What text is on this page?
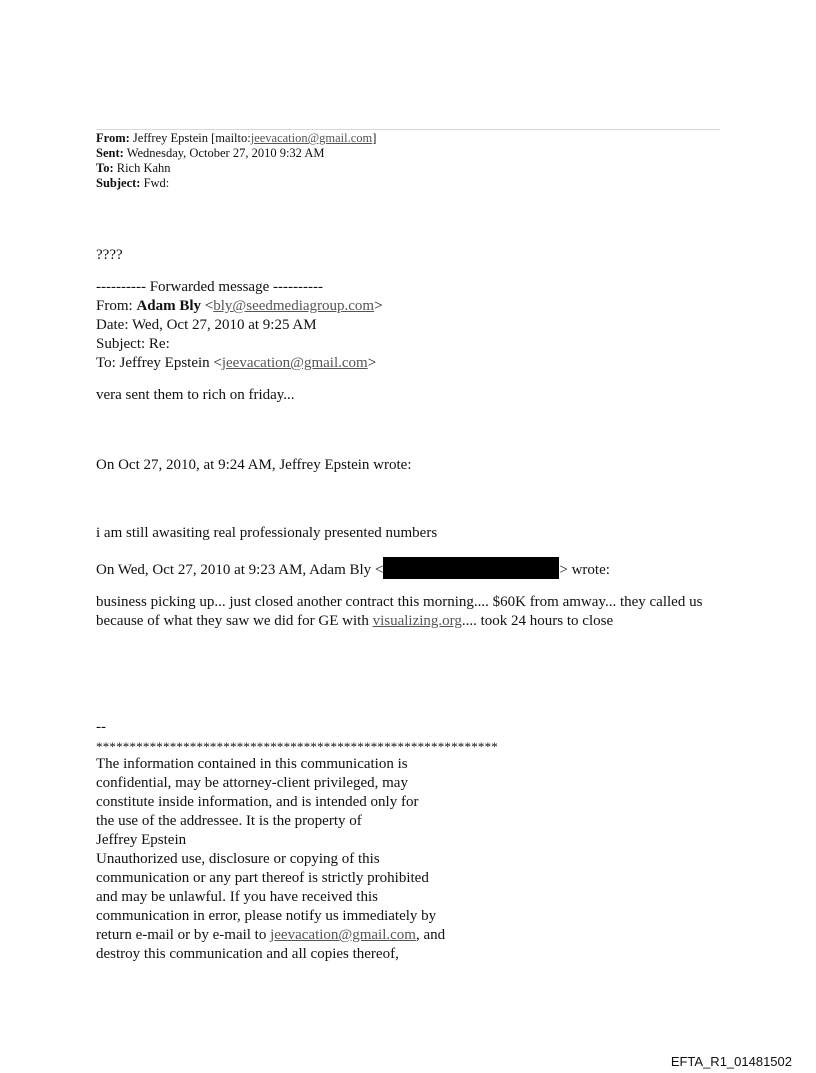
From: Jeffrey Epstein [mailto:jeevacation@gmail.com]
Sent: Wednesday, October 27, 2010 9:32 AM
To: Rich Kahn
Subject: Fwd:

????

---------- Forwarded message ----------

From: Adam Bly <bly@seedmediagroup.com>

Date: Wed, Oct 27, 2010 at 9:25 AM

Subject: Re:

To: Jeffrey Epstein <jeevacation@gmail.com>

vera sent them to rich on friday...

On Oct 27, 2010, at 9:24 AM, Jeffrey Epstein wrote:

i am still awasiting real professionaly presented numbers

On Wed, Oct 27, 2010 at 9:23 AM, Adam Bly <	> wrote:

business picking up... just closed another contract this morning.... $60K from amway... they called us because of what they saw we did for GE with visualizing.org.... took 24 hours to close

--

************************************************************

The information contained in this communication is

confidential, may be attorney-client privileged, may

constitute inside information, and is intended only for

the use of the addressee. It is the property of

Jeffrey Epstein

Unauthorized use, disclosure or copying of this

communication or any part thereof is strictly prohibited

and may be unlawful. If you have received this

communication in error, please notify us immediately by

return e-mail or by e-mail to jeevacation@gmail.com, and

destroy this communication and all copies thereof,

EFTA_R1_01481502
